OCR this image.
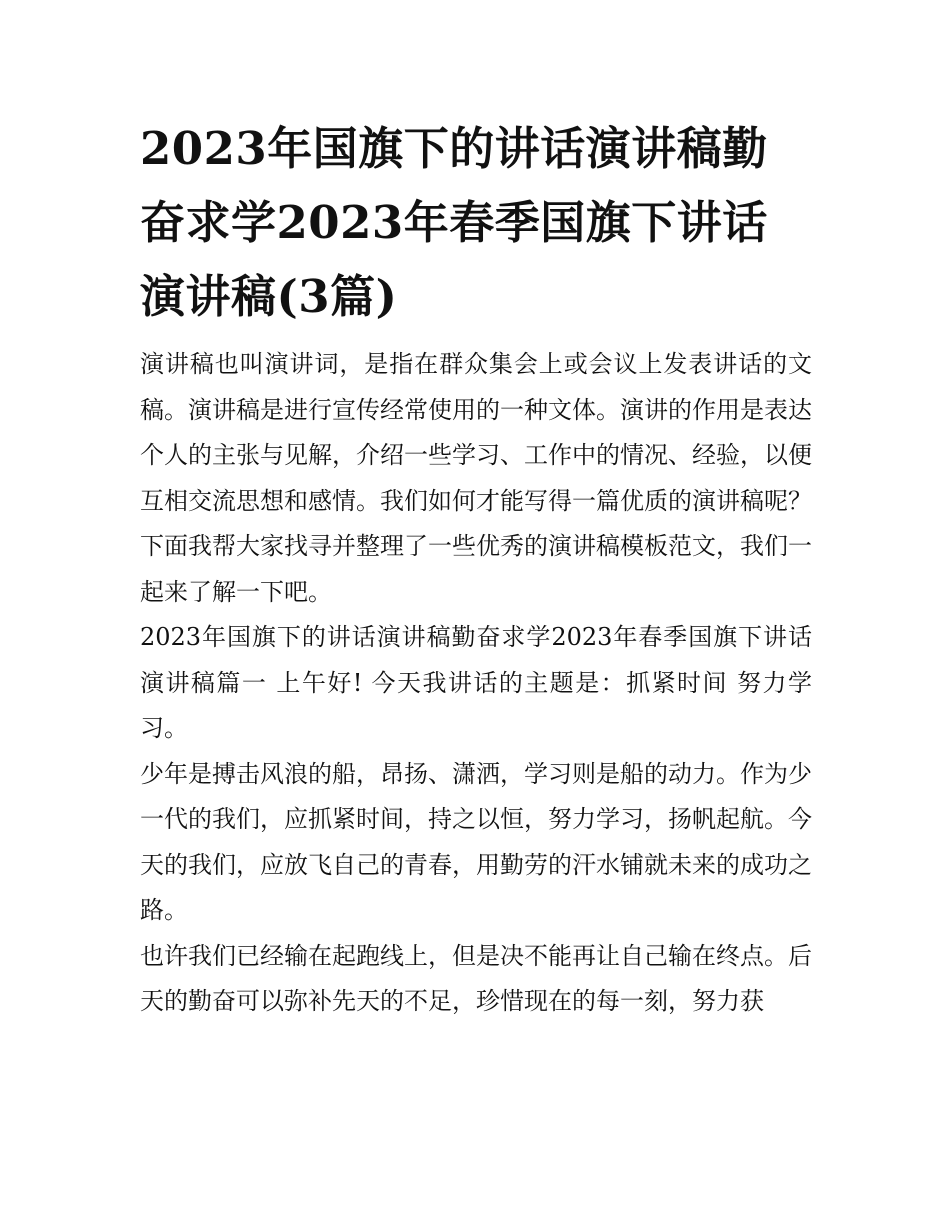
2023年国旗下的讲话演讲稿勤奋求学2023年春季国旗下讲话演讲稿(3篇)

演讲稿也叫演讲词，是指在群众集会上或会议上发表讲话的文稿。演讲稿是进行宣传经常使用的一种文体。演讲的作用是表达个人的主张与见解，介绍一些学习、工作中的情况、经验，以便互相交流思想和感情。我们如何才能写得一篇优质的演讲稿呢？下面我帮大家找寻并整理了一些优秀的演讲稿模板范文，我们一起来了解一下吧。

2023年国旗下的讲话演讲稿勤奋求学2023年春季国旗下讲话演讲稿篇一 上午好! 今天我讲话的主题是：抓紧时间 努力学习。

少年是搏击风浪的船，昂扬、潇洒，学习则是船的动力。作为少一代的我们，应抓紧时间，持之以恒，努力学习，扬帆起航。今天的我们，应放飞自己的青春，用勤劳的汗水铺就未来的成功之路。

也许我们已经输在起跑线上，但是决不能再让自己输在终点。后天的勤奋可以弥补先天的不足，珍惜现在的每一刻，努力获
